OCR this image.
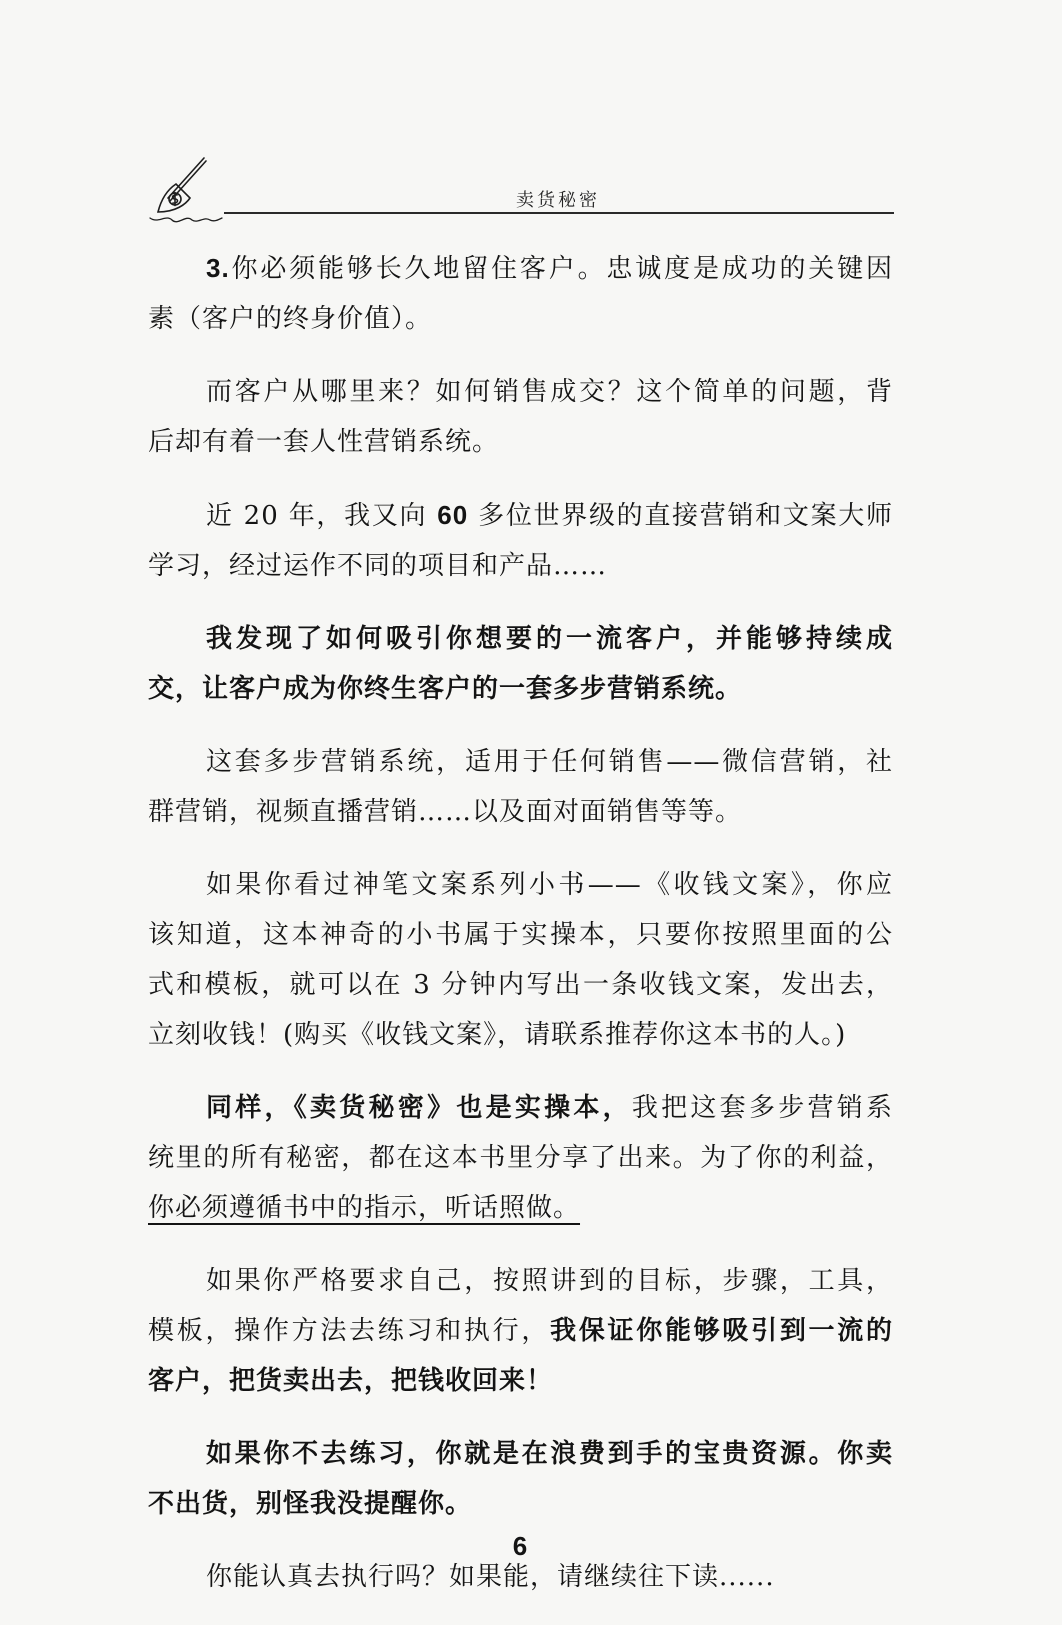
卖货秘密
3.你必须能够长久地留住客户。忠诚度是成功的关键因
素（客户的终身价值）。
而客户从哪里来？如何销售成交？这个简单的问题，背
后却有着一套人性营销系统。
近 20 年，我又向 60 多位世界级的直接营销和文案大师
学习，经过运作不同的项目和产品……
我发现了如何吸引你想要的一流客户，并能够持续成
交，让客户成为你终生客户的一套多步营销系统。
这套多步营销系统，适用于任何销售——微信营销，社
群营销，视频直播营销……以及面对面销售等等。
如果你看过神笔文案系列小书——《收钱文案》，你应
该知道，这本神奇的小书属于实操本，只要你按照里面的公
式和模板，就可以在 3 分钟内写出一条收钱文案，发出去，
立刻收钱！(购买《收钱文案》，请联系推荐你这本书的人。)
同样，《卖货秘密》也是实操本，我把这套多步营销系
统里的所有秘密，都在这本书里分享了出来。为了你的利益，
你必须遵循书中的指示，听话照做。
如果你严格要求自己，按照讲到的目标，步骤，工具，
模板，操作方法去练习和执行，我保证你能够吸引到一流的
客户，把货卖出去，把钱收回来！
如果你不去练习，你就是在浪费到手的宝贵资源。你卖
不出货，别怪我没提醒你。
你能认真去执行吗？如果能，请继续往下读......
6
